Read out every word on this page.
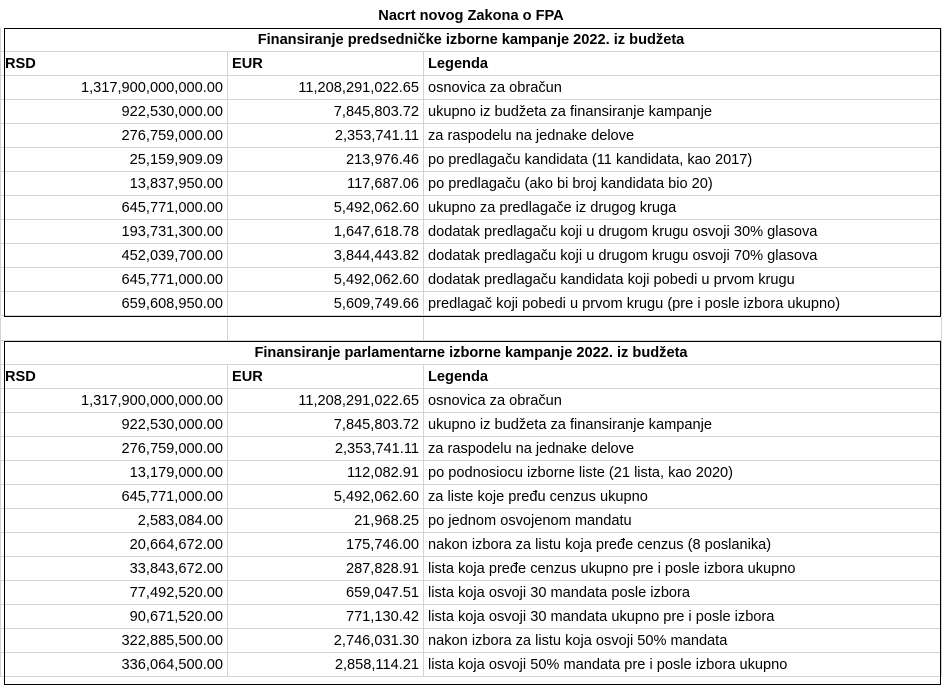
Nacrt novog Zakona o FPA
Finansiranje predsedničke izborne kampanje 2022. iz budžeta
RSD	EUR	Legenda
1,317,900,000,000.00	11,208,291,022.65 osnovica za obračun
922,530,000.00	7,845,803.72 ukupno iz budžeta za finansiranje kampanje
276,759,000.00	2,353,741.11 za raspodelu na jednake delove
25,159,909.09	213,976.46 po predlagaču kandidata (11 kandidata, kao 2017)
13,837,950.00	117,687.06 po predlagaču (ako bi broj kandidata bio 20)
645,771,000.00	5,492,062.60 ukupno za predlagače iz drugog kruga
193,731,300.00	1,647,618.78 dodatak predlagaču koji u drugom krugu osvoji 30% glasova
452,039,700.00	3,844,443.82 dodatak predlagaču koji u drugom krugu osvoji 70% glasova
645,771,000.00	5,492,062.60 dodatak predlagaču kandidata koji pobedi u prvom krugu
659,608,950.00	5,609,749.66 predlagač koji pobedi u prvom krugu (pre i posle izbora ukupno)
Finansiranje parlamentarne izborne kampanje 2022. iz budžeta
RSD	EUR	Legenda
1,317,900,000,000.00	11,208,291,022.65 osnovica za obračun
922,530,000.00	7,845,803.72 ukupno iz budžeta za finansiranje kampanje
276,759,000.00	2,353,741.11 za raspodelu na jednake delove
13,179,000.00	112,082.91 po podnosiocu izborne liste (21 lista, kao 2020)
645,771,000.00	5,492,062.60 za liste koje pređu cenzus ukupno
2,583,084.00	21,968.25 po jednom osvojenom mandatu
20,664,672.00	175,746.00 nakon izbora za listu koja pređe cenzus (8 poslanika)
33,843,672.00	287,828.91 lista koja pređe cenzus ukupno pre i posle izbora ukupno
77,492,520.00	659,047.51 lista koja osvoji 30 mandata posle izbora
90,671,520.00	771,130.42 lista koja osvoji 30 mandata ukupno pre i posle izbora
322,885,500.00	2,746,031.30 nakon izbora za listu koja osvoji 50% mandata
336,064,500.00	2,858,114.21 lista koja osvoji 50% mandata pre i posle izbora ukupno
